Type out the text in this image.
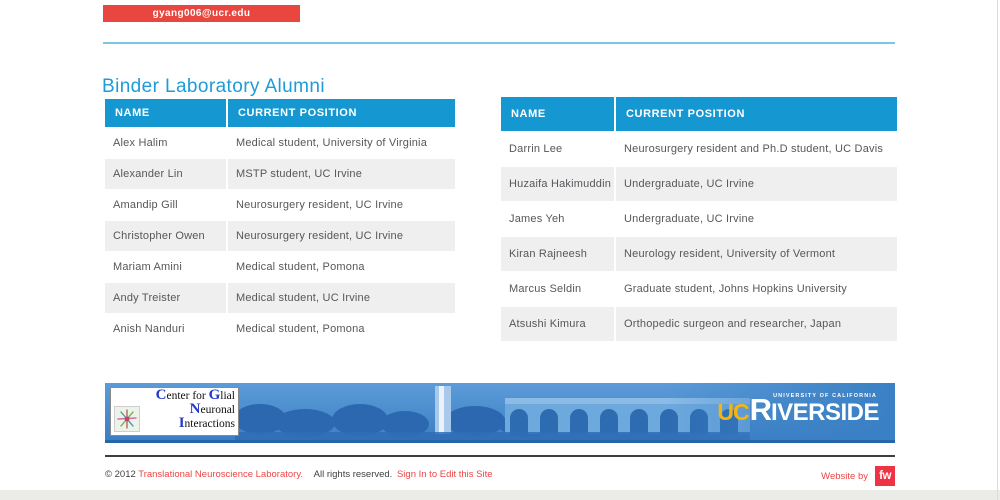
gyang006@ucr.edu
Binder Laboratory Alumni
NAME	CURRENT POSITION
Alex Halim	Medical student, University of Virginia
Alexander Lin	MSTP student, UC Irvine
Amandip Gill	Neurosurgery resident, UC Irvine
Christopher Owen	Neurosurgery resident, UC Irvine
Mariam Amini	Medical student, Pomona
Andy Treister	Medical student, UC Irvine
Anish Nanduri	Medical student, Pomona
NAME	CURRENT POSITION
Darrin Lee	Neurosurgery resident and Ph.D student, UC Davis
Huzaifa Hakimuddin	Undergraduate, UC Irvine
James Yeh	Undergraduate, UC Irvine
Kiran Rajneesh	Neurology resident, University of Vermont
Marcus Seldin	Graduate student, Johns Hopkins University
Atsushi Kimura	Orthopedic surgeon and researcher, Japan
Center for Glial
Neuronal
Interactions
UNIVERSITY OF CALIFORNIA
UC R IVERSIDE
© 2012 Translational Neuroscience Laboratory. All rights reserved. Sign In to Edit this Site	Website by fw
